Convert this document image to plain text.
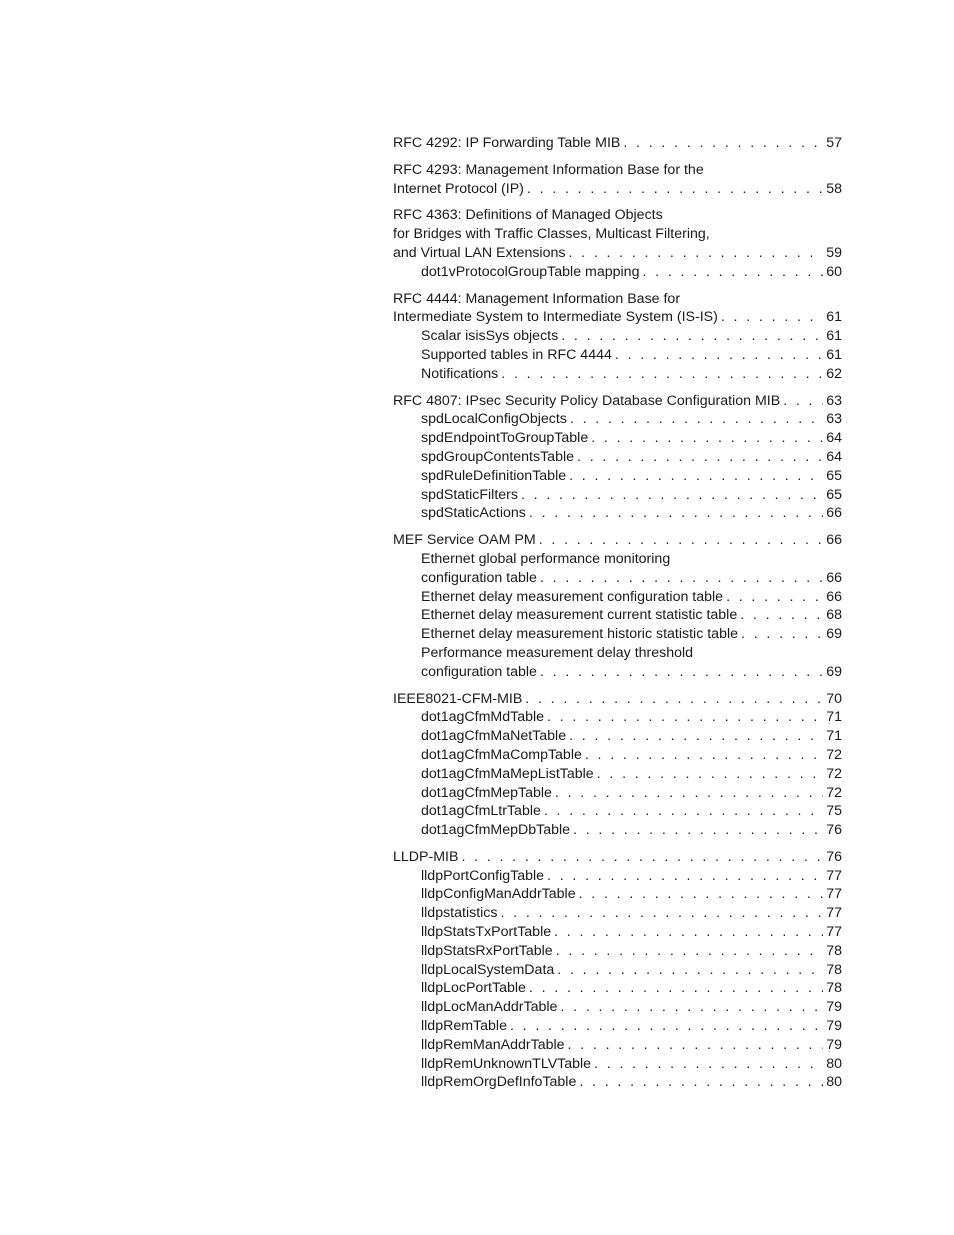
RFC 4292: IP Forwarding Table MIB . . .	57
RFC 4293: Management Information Base for the
Internet Protocol (IP) . . .	58
RFC 4363: Definitions of Managed Objects
for Bridges with Traffic Classes, Multicast Filtering,
and Virtual LAN Extensions . . .	59
dot1vProtocolGroupTable mapping . . .	60
RFC 4444: Management Information Base for
Intermediate System to Intermediate System (IS-IS) . . .	61
Scalar isisSys objects . . .	61
Supported tables in RFC 4444 . . .	61
Notifications . . .	62
RFC 4807: IPsec Security Policy Database Configuration MIB . . .	63
spdLocalConfigObjects . . .	63
spdEndpointToGroupTable . . .	64
spdGroupContentsTable . . .	64
spdRuleDefinitionTable . . .	65
spdStaticFilters . . .	65
spdStaticActions . . .	66
MEF Service OAM PM . . .	66
Ethernet global performance monitoring
configuration table . . .	66
Ethernet delay measurement configuration table . . .	66
Ethernet delay measurement current statistic table . . .	68
Ethernet delay measurement historic statistic table . . .	69
Performance measurement delay threshold
configuration table . . .	69
IEEE8021-CFM-MIB . . .	70
dot1agCfmMdTable . . .	71
dot1agCfmMaNetTable . . .	71
dot1agCfmMaCompTable . . .	72
dot1agCfmMaMepListTable . . .	72
dot1agCfmMepTable . . .	72
dot1agCfmLtrTable . . .	75
dot1agCfmMepDbTable . . .	76
LLDP-MIB . . .	76
lldpPortConfigTable . . .	77
lldpConfigManAddrTable . . .	77
lldpstatistics . . .	77
lldpStatsTxPortTable . . .	77
lldpStatsRxPortTable . . .	78
lldpLocalSystemData . . .	78
lldpLocPortTable . . .	78
lldpLocManAddrTable . . .	79
lldpRemTable . . .	79
lldpRemManAddrTable . . .	79
lldpRemUnknownTLVTable . . .	80
lldpRemOrgDefInfoTable . . .	80
